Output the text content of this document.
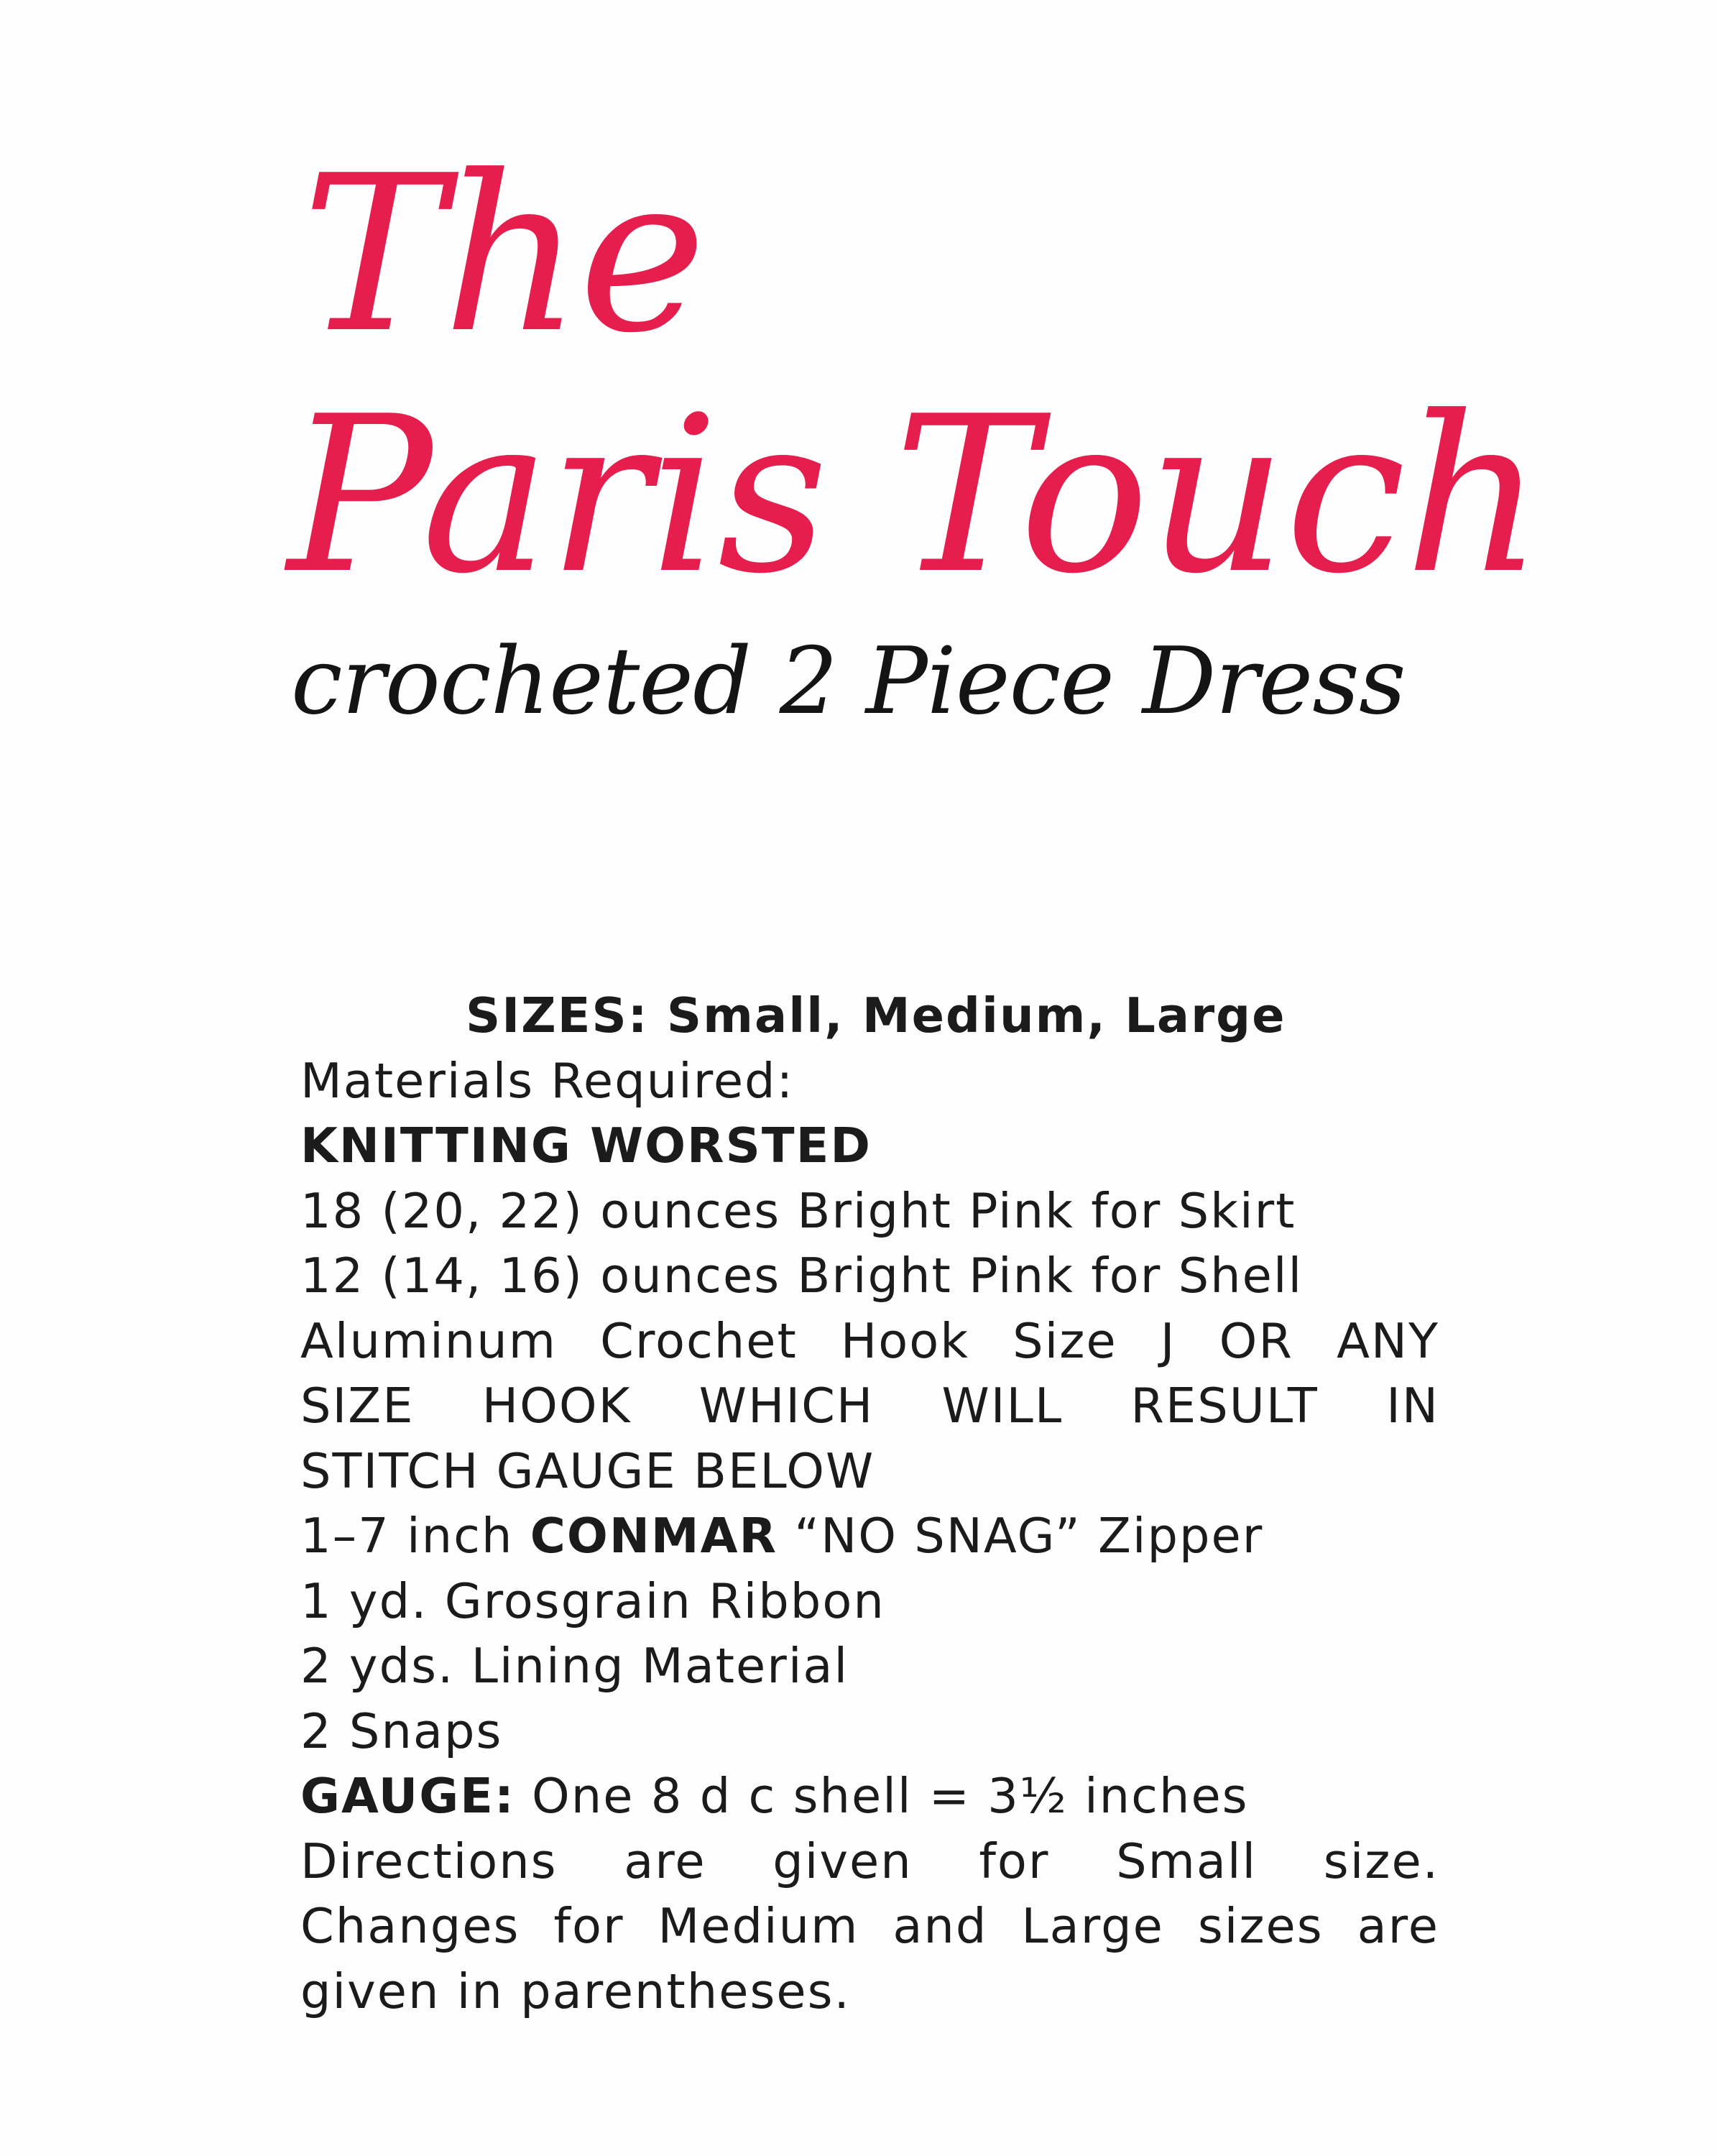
The
Paris Touch
crocheted 2 Piece Dress
SIZES: Small, Medium, Large
Materials Required:
KNITTING WORSTED
18 (20, 22) ounces Bright Pink for Skirt
12 (14, 16) ounces Bright Pink for Shell
Aluminum Crochet Hook Size J OR ANY
SIZE HOOK WHICH WILL RESULT IN
STITCH GAUGE BELOW
1–7 inch CONMAR “NO SNAG” Zipper
1 yd. Grosgrain Ribbon
2 yds. Lining Material
2 Snaps
GAUGE: One 8 d c shell = 3½ inches
Directions are given for Small size.
Changes for Medium and Large sizes are
given in parentheses.
